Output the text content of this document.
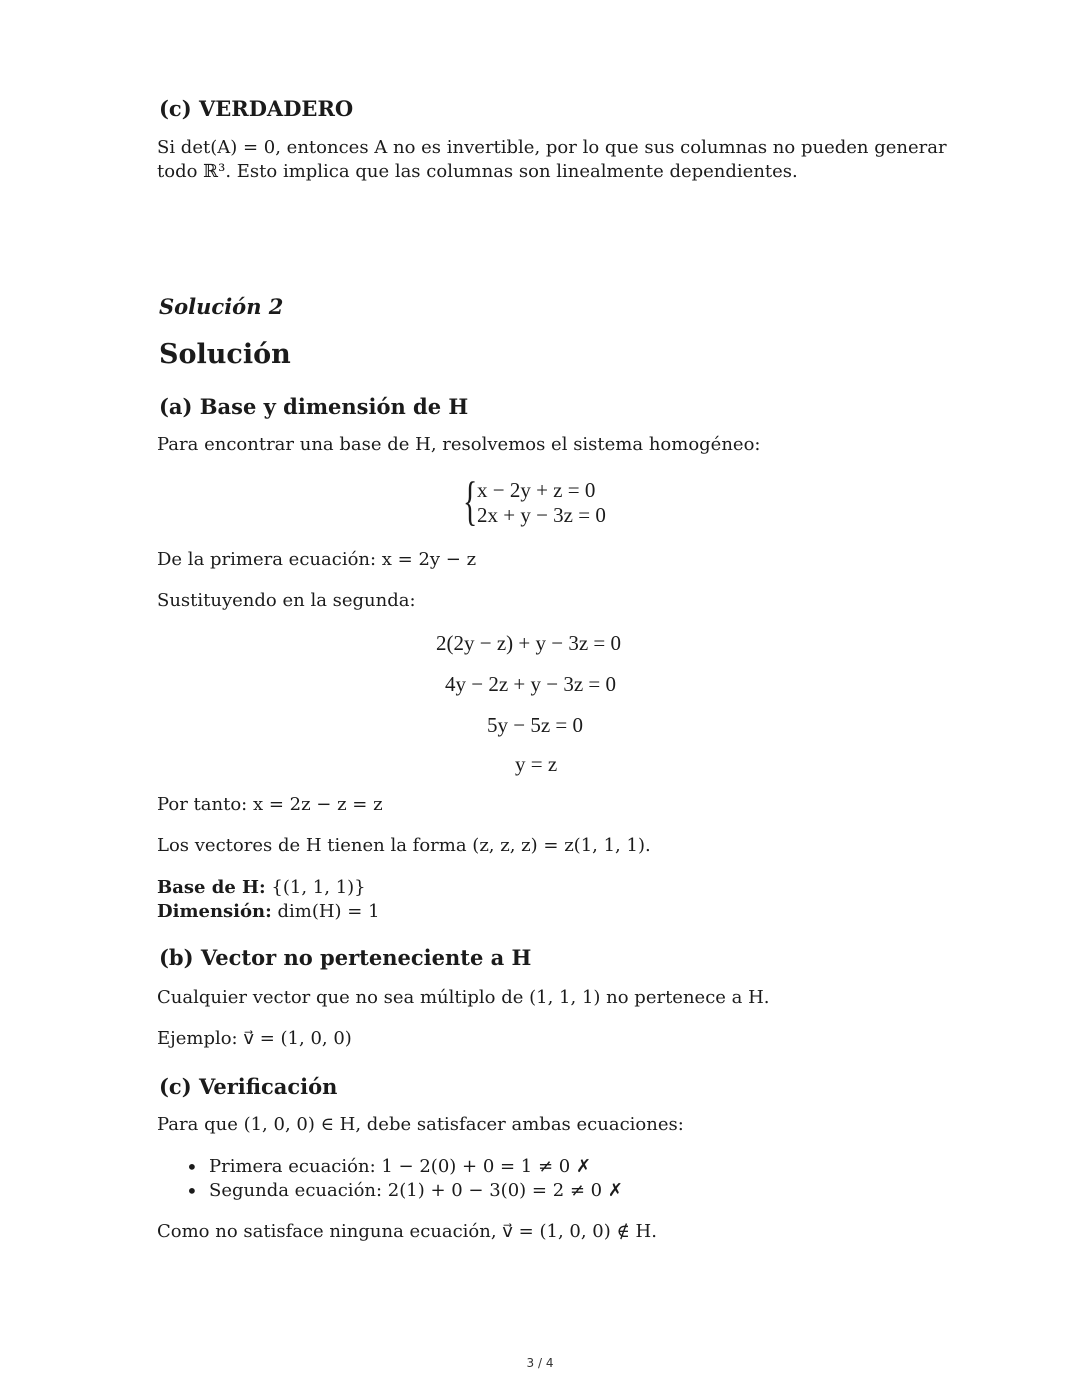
(c) VERDADERO
Si det(A) = 0, entonces A no es invertible, por lo que sus columnas no pueden generar
todo ℝ³. Esto implica que las columnas son linealmente dependientes.
Solución 2
Solución
(a) Base y dimensión de H
Para encontrar una base de H, resolvemos el sistema homogéneo:
{ x − 2y + z = 0
2x + y − 3z = 0
De la primera ecuación: x = 2y − z
Sustituyendo en la segunda:
2(2y − z) + y − 3z = 0
4y − 2z + y − 3z = 0
5y − 5z = 0
y = z
Por tanto: x = 2z − z = z
Los vectores de H tienen la forma (z, z, z) = z(1, 1, 1).
Base de H: {(1, 1, 1)}
Dimensión: dim(H) = 1
(b) Vector no perteneciente a H
Cualquier vector que no sea múltiplo de (1, 1, 1) no pertenece a H.
Ejemplo: v⃗ = (1, 0, 0)
(c) Verificación
Para que (1, 0, 0) ∈ H, debe satisfacer ambas ecuaciones:
• Primera ecuación: 1 − 2(0) + 0 = 1 ≠ 0 ✗
• Segunda ecuación: 2(1) + 0 − 3(0) = 2 ≠ 0 ✗
Como no satisface ninguna ecuación, v⃗ = (1, 0, 0) ∉ H.
3 / 4
